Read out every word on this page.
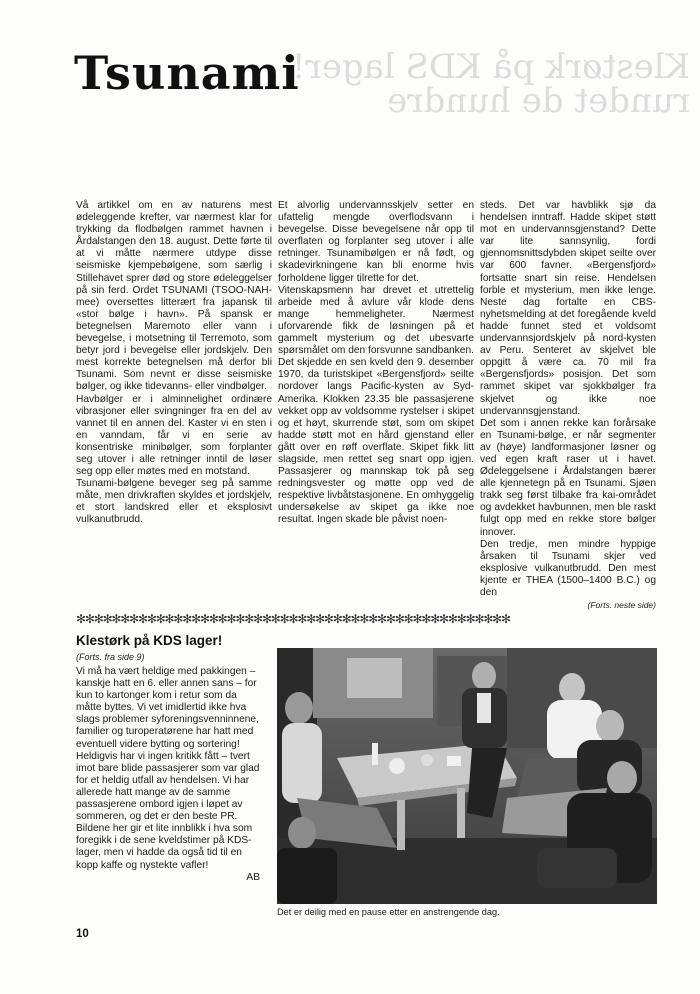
Klestørk på KDS lager!
rundet de hundre
Tsunami

Vå artikkel om en av naturens mest ødeleggende krefter, var nærmest klar for trykking da flodbølgen rammet havnen i Årdalstangen den 18. august. Dette førte til at vi måtte nærmere utdype disse seismiske kjempebølgene, som særlig i Stillehavet sprer død og store ødeleggelser på sin ferd. Ordet TSUNAMI (TSOO-NAH-mee) oversettes litterært fra japansk til «stor bølge i havn». På spansk er betegnelsen Maremoto eller vann i bevegelse, i motsetning til Terremoto, som betyr jord i bevegelse eller jordskjelv. Den mest korrekte betegnelsen må derfor bli Tsunami. Som nevnt er disse seismiske bølger, og ikke tidevanns- eller vindbølger.

Havbølger er i alminnelighet ordinære vibrasjoner eller svingninger fra en del av vannet til en annen del. Kaster vi en sten i en vanndam, får vi en serie av konsentriske minibølger, som forplanter seg utover i alle retninger inntil de løser seg opp eller møtes med en motstand.

Tsunami-bølgene beveger seg på samme måte, men drivkraften skyldes et jordskjelv, et stort landskred eller et eksplosivt vulkanutbrudd.

Et alvorlig undervannsskjelv setter en ufattelig mengde overflodsvann i bevegelse. Disse bevegelsene når opp til overflaten og forplanter seg utover i alle retninger. Tsunamibølgen er nå født, og skadevirkningene kan bli enorme hvis forholdene ligger tilrette for det.

Vitenskapsmenn har drevet et utrettelig arbeide med å avlure vår klode dens mange hemmeligheter. Nærmest uforvarende fikk de løsningen på et gammelt mysterium og det ubesvarte spørsmålet om den forsvunne sandbanken.

Det skjedde en sen kveld den 9. desember 1970, da turistskipet «Bergensfjord» seilte nordover langs Pacific-kysten av Syd-Amerika. Klokken 23.35 ble passasjerene vekket opp av voldsomme rystelser i skipet og et høyt, skurrende støt, som om skipet hadde støtt mot en hård gjenstand eller gått over en røff overflate. Skipet fikk litt slagside, men rettet seg snart opp igjen. Passasjerer og mannskap tok på seg redningsvester og møtte opp ved de respektive livbåtstasjonene. En omhyggelig undersøkelse av skipet ga ikke noe resultat. Ingen skade ble påvist noen-

steds. Det var havblikk sjø da hendelsen inntraff. Hadde skipet støtt mot en undervannsgjenstand? Dette var lite sannsynlig, fordi gjennomsnittsdybden skipet seilte over var 600 favner. «Bergensfjord» fortsatte snart sin reise. Hendelsen forble et mysterium, men ikke lenge. Neste dag fortalte en CBS-nyhetsmelding at det foregående kveld hadde funnet sted et voldsomt undervannsjordskjelv på nord-kysten av Peru. Senteret av skjelvet ble oppgitt å være ca. 70 mil fra «Bergensfjords» posisjon. Det som rammet skipet var sjokkbølger fra skjelvet og ikke noe undervannsgjenstand.

Det som i annen rekke kan forårsake en Tsunami-bølge, er når segmenter av (høye) landformasjoner løsner og ved egen kraft raser ut i havet. Ødeleggelsene i Årdalstangen bærer alle kjennetegn på en Tsunami. Sjøen trakk seg først tilbake fra kai-området og avdekket havbunnen, men ble raskt fulgt opp med en rekke store bølger innover.

Den tredje, men mindre hyppige årsaken til Tsunami skjer ved eksplosive vulkanutbrudd. Den mest kjente er THEA (1500–1400 B.C.) og den

(Forts. neste side)

✻✻✻✻✻✻✻✻✻✻✻✻✻✻✻✻✻✻✻✻✻✻✻✻✻✻✻✻✻✻✻✻✻✻✻✻✻✻✻✻✻✻✻✻✻✻✻✻✻
Klestørk på KDS lager!
(Forts. fra side 9)

Vi må ha vært heldige med pakkingen – kanskje hatt en 6. eller annen sans – for kun to kartonger kom i retur som da måtte byttes. Vi vet imidlertid ikke hva slags problemer syforeningsvenninnene, familier og turoperatørene har hatt med eventuell videre bytting og sortering!

Heldigvis har vi ingen kritikk fått – tvert imot bare blide passasjerer som var glad for et heldig utfall av hendelsen. Vi har allerede hatt mange av de samme passasjerene ombord igjen i løpet av sommeren, og det er den beste PR.

Bildene her gir et lite innblikk i hva som foregikk i de sene kveldstimer på KDS-lager, men vi hadde da også tid til en kopp kaffe og nystekte vafler!

AB

Det er deilig med en pause etter en anstrengende dag.
10
